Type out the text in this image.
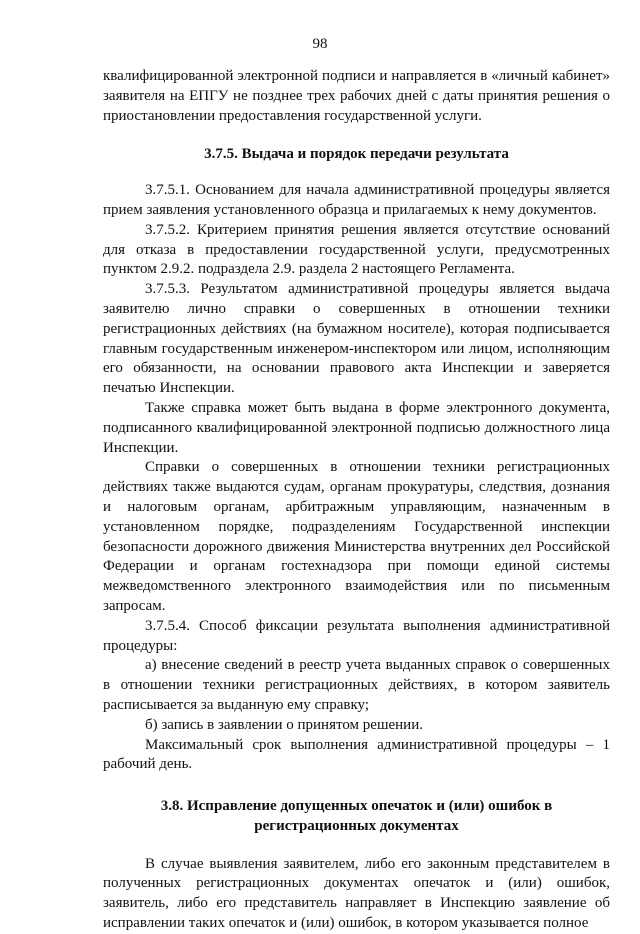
98

квалифицированной электронной подписи и направляется в «личный кабинет» заявителя на ЕПГУ не позднее трех рабочих дней с даты принятия решения о приостановлении предоставления государственной услуги.

3.7.5. Выдача и порядок передачи результата

3.7.5.1. Основанием для начала административной процедуры является прием заявления установленного образца и прилагаемых к нему документов.

3.7.5.2. Критерием принятия решения является отсутствие оснований для отказа в предоставлении государственной услуги, предусмотренных пунктом 2.9.2. подраздела 2.9. раздела 2 настоящего Регламента.

3.7.5.3. Результатом административной процедуры является выдача заявителю лично справки о совершенных в отношении техники регистрационных действиях (на бумажном носителе), которая подписывается главным государственным инженером-инспектором или лицом, исполняющим его обязанности, на основании правового акта Инспекции и заверяется печатью Инспекции.

Также справка может быть выдана в форме электронного документа, подписанного квалифицированной электронной подписью должностного лица Инспекции.

Справки о совершенных в отношении техники регистрационных действиях также выдаются судам, органам прокуратуры, следствия, дознания и налоговым органам, арбитражным управляющим, назначенным в установленном порядке, подразделениям Государственной инспекции безопасности дорожного движения Министерства внутренних дел Российской Федерации и органам гостехнадзора при помощи единой системы межведомственного электронного взаимодействия или по письменным запросам.

3.7.5.4. Способ фиксации результата выполнения административной процедуры:

а) внесение сведений в реестр учета выданных справок о совершенных в отношении техники регистрационных действиях, в котором заявитель расписывается за выданную ему справку;

б) запись в заявлении о принятом решении.

Максимальный срок выполнения административной процедуры – 1 рабочий день.

3.8. Исправление допущенных опечаток и (или) ошибок в
регистрационных документах

В случае выявления заявителем, либо его законным представителем в полученных регистрационных документах опечаток и (или) ошибок, заявитель, либо его представитель направляет в Инспекцию заявление об исправлении таких опечаток и (или) ошибок, в котором указывается полное
